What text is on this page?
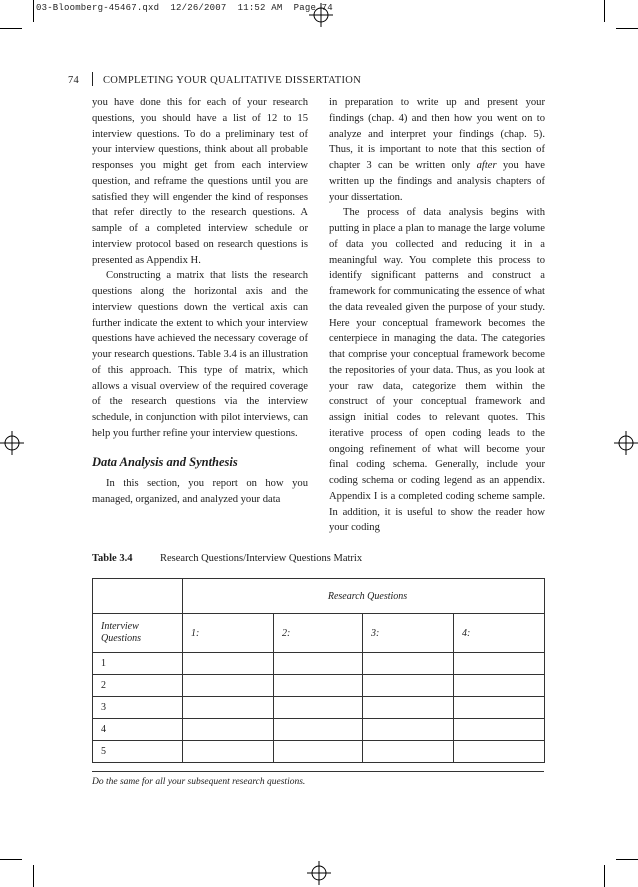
03-Bloomberg-45467.qxd  12/26/2007  11:52 AM  Page 74
74 COMPLETING YOUR QUALITATIVE DISSERTATION

you have done this for each of your research questions, you should have a list of 12 to 15 interview questions. To do a preliminary test of your interview questions, think about all probable responses you might get from each interview question, and reframe the questions until you are satisfied they will engender the kind of responses that refer directly to the research questions. A sample of a completed interview schedule or interview protocol based on research questions is presented as Appendix H.

Constructing a matrix that lists the research questions along the horizontal axis and the interview questions down the vertical axis can further indicate the extent to which your interview questions have achieved the necessary coverage of your research questions. Table 3.4 is an illustration of this approach. This type of matrix, which allows a visual overview of the required coverage of the research questions via the interview schedule, in conjunction with pilot interviews, can help you further refine your interview questions.

Data Analysis and Synthesis

In this section, you report on how you managed, organized, and analyzed your data

in preparation to write up and present your findings (chap. 4) and then how you went on to analyze and interpret your findings (chap. 5). Thus, it is important to note that this section of chapter 3 can be written only after you have written up the findings and analysis chapters of your dissertation.

The process of data analysis begins with putting in place a plan to manage the large volume of data you collected and reducing it in a meaningful way. You complete this process to identify significant patterns and construct a framework for communicating the essence of what the data revealed given the purpose of your study. Here your conceptual framework becomes the centerpiece in managing the data. The categories that comprise your conceptual framework become the repositories of your data. Thus, as you look at your raw data, categorize them within the construct of your conceptual framework and assign initial codes to relevant quotes. This iterative process of open coding leads to the ongoing refinement of what will become your final coding schema. Generally, include your coding schema or coding legend as an appendix. Appendix I is a completed coding scheme sample. In addition, it is useful to show the reader how your coding

Table 3.4	Research Questions/Interview Questions Matrix
	Research Questions			
Interview
Questions	1:	2:	3:	4:
1				
2				
3				
4				
5				
Do the same for all your subsequent research questions.
